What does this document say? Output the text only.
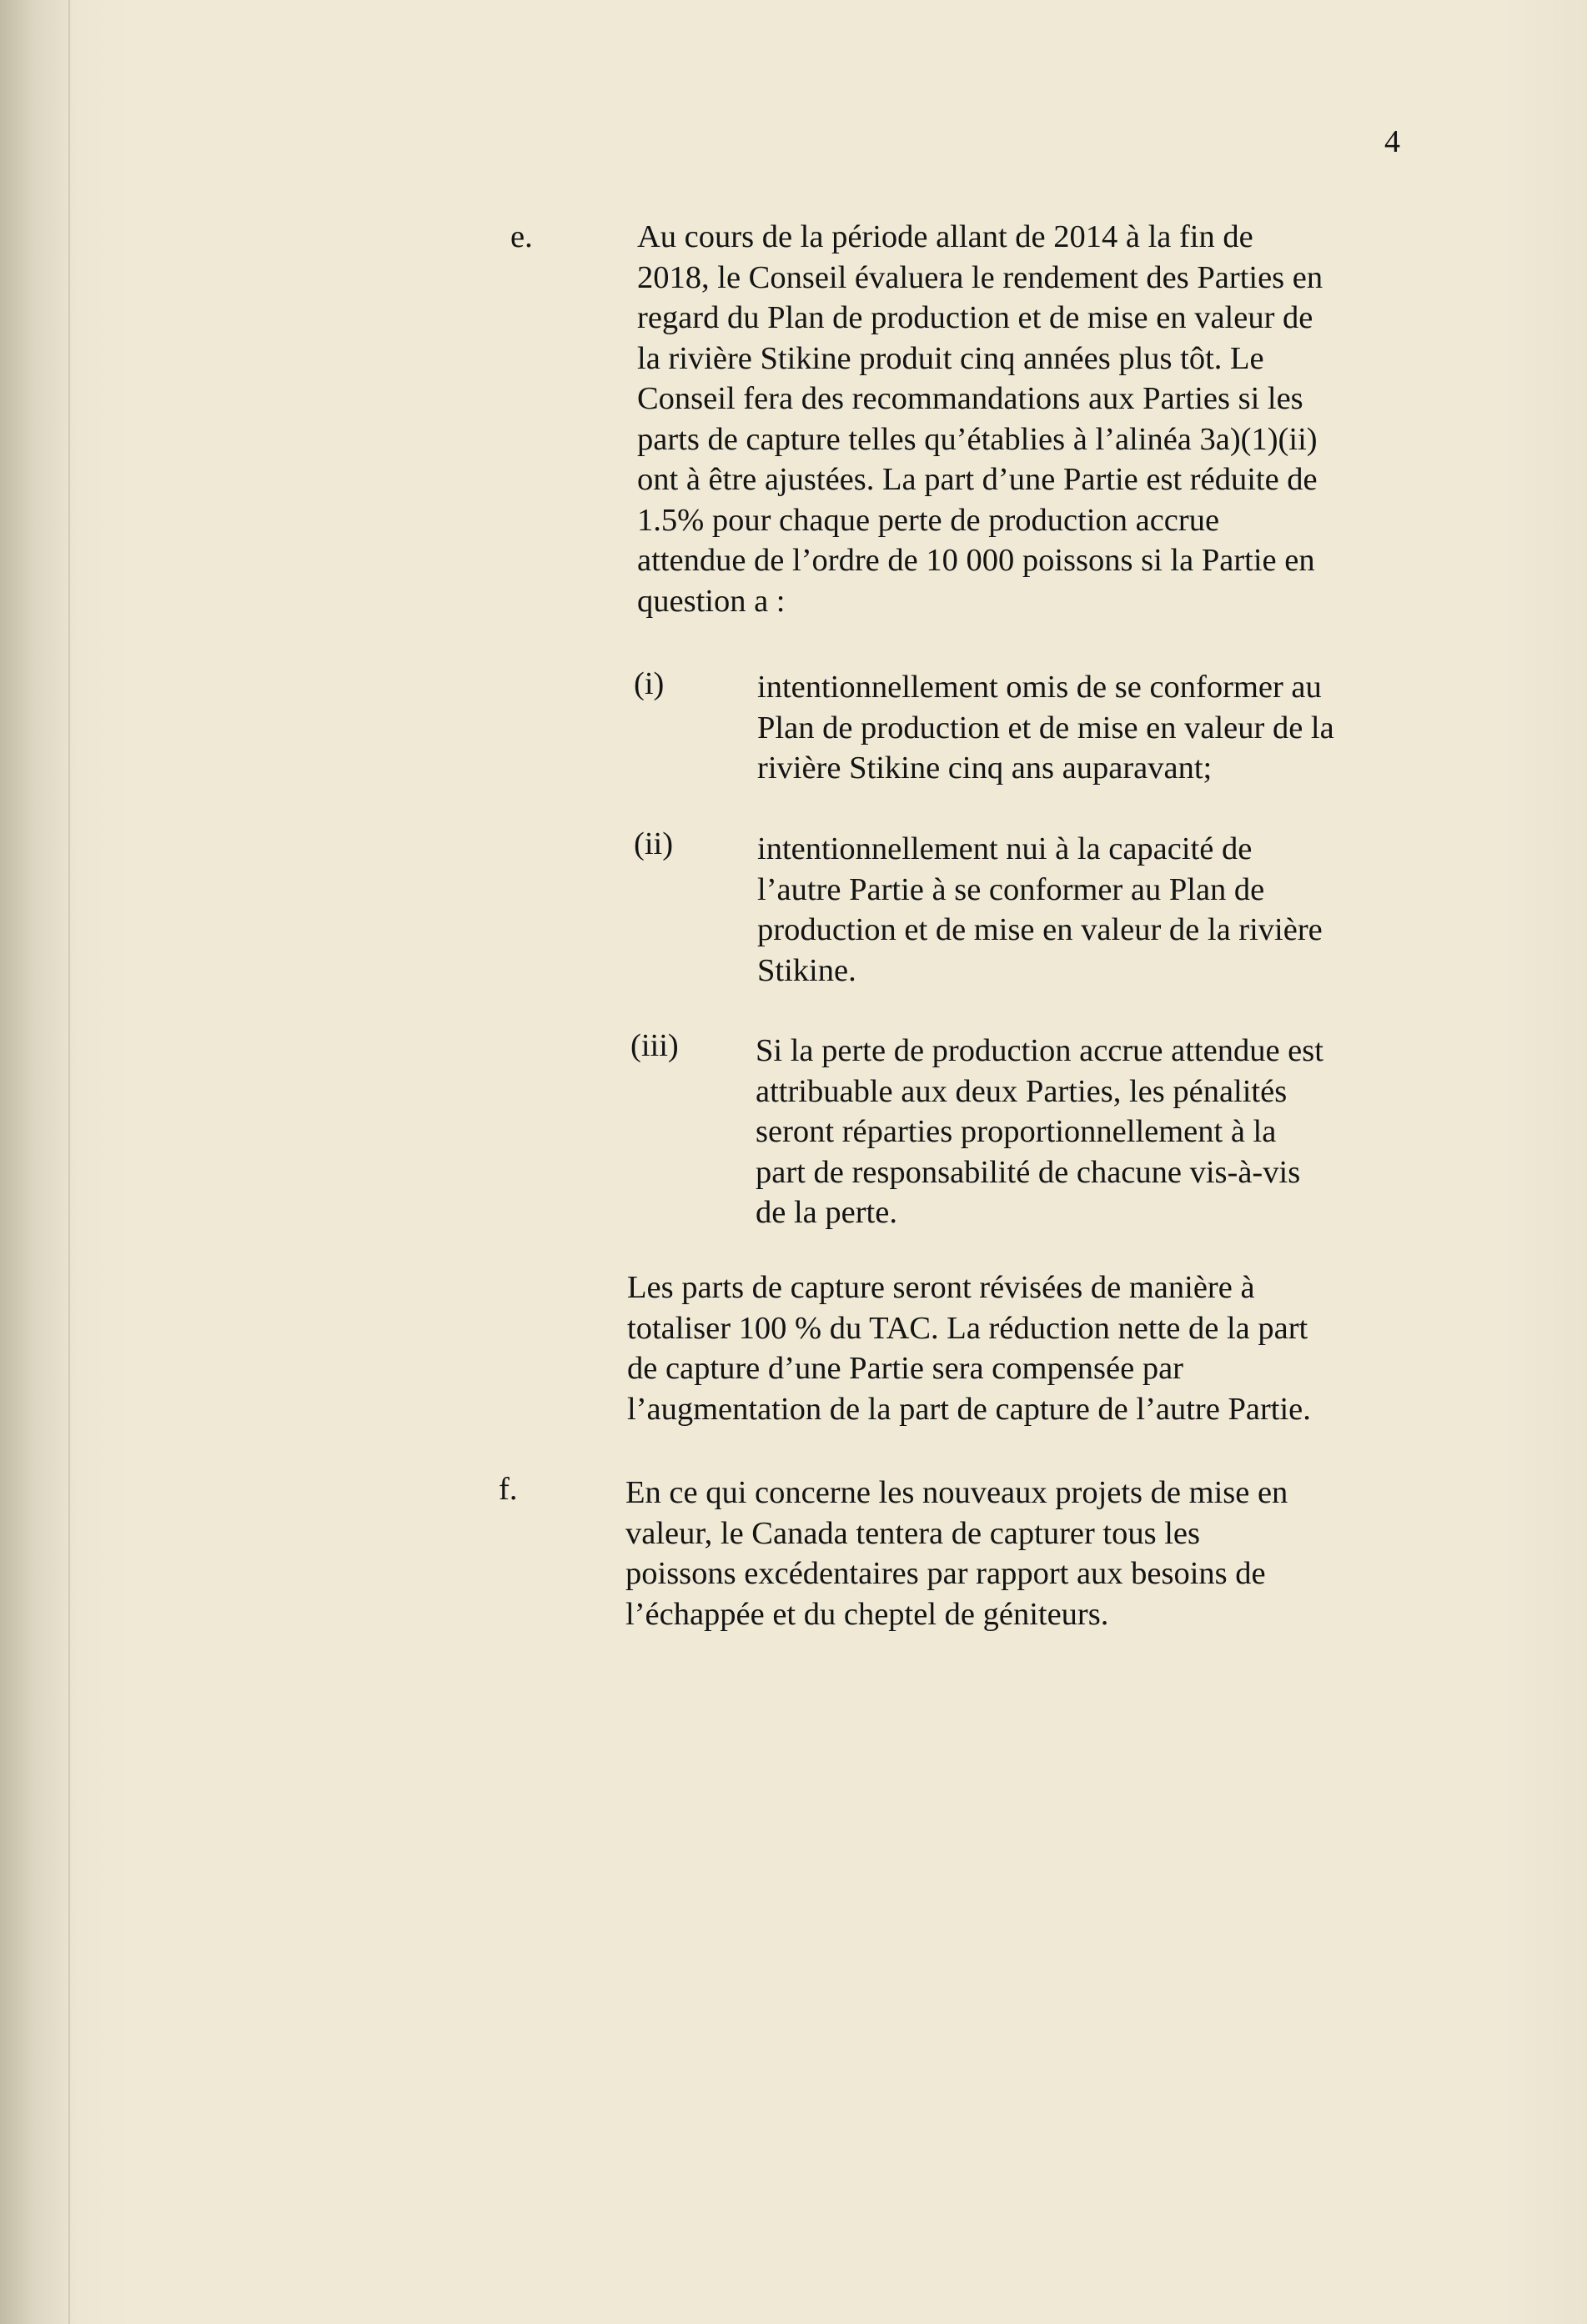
4
e.	Au cours de la période allant de 2014 à la fin de
2018, le Conseil évaluera le rendement des Parties en
regard du Plan de production et de mise en valeur de
la rivière Stikine produit cinq années plus tôt. Le
Conseil fera des recommandations aux Parties si les
parts de capture telles qu’établies à l’alinéa 3a)(1)(ii)
ont à être ajustées. La part d’une Partie est réduite de
1.5% pour chaque perte de production accrue
attendue de l’ordre de 10 000 poissons si la Partie en
question a :
(i)	intentionnellement omis de se conformer au
Plan de production et de mise en valeur de la
rivière Stikine cinq ans auparavant;
(ii)	intentionnellement nui à la capacité de
l’autre Partie à se conformer au Plan de
production et de mise en valeur de la rivière
Stikine.
(iii) Si la perte de production accrue attendue est
attribuable aux deux Parties, les pénalités
seront réparties proportionnellement à la
part de responsabilité de chacune vis-à-vis
de la perte.
Les parts de capture seront révisées de manière à
totaliser 100 % du TAC. La réduction nette de la part
de capture d’une Partie sera compensée par
l’augmentation de la part de capture de l’autre Partie.
f.	En ce qui concerne les nouveaux projets de mise en
valeur, le Canada tentera de capturer tous les
poissons excédentaires par rapport aux besoins de
l’échappée et du cheptel de géniteurs.
